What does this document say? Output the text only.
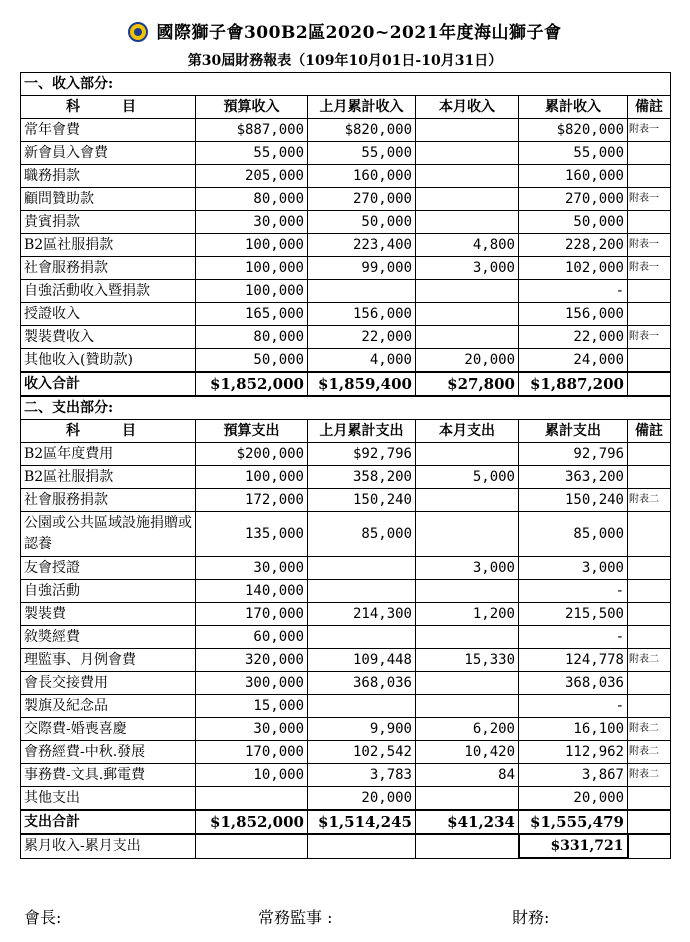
國際獅子會300B2區2020~2021年度海山獅子會
第30屆財務報表（109年10月01日-10月31日）
一、收入部分:					
科　目	預算收入	上月累計收入	本月收入	累計收入	備註
常年會費	$887,000	$820,000		$820,000	附表一
新會員入會費	55,000	55,000		55,000	
職務捐款	205,000	160,000		160,000	
顧問贊助款	80,000	270,000		270,000	附表一
貴賓捐款	30,000	50,000		50,000	
B2區社服捐款	100,000	223,400	4,800	228,200	附表一
社會服務捐款	100,000	99,000	3,000	102,000	附表一
自強活動收入暨捐款	100,000			-	
授證收入	165,000	156,000		156,000	
製裝費收入	80,000	22,000		22,000	附表一
其他收入(贊助款)	50,000	4,000	20,000	24,000	
收入合計	$1,852,000	$1,859,400	$27,800	$1,887,200	
二、支出部分:					
科　目	預算支出	上月累計支出	本月支出	累計支出	備註
B2區年度費用	$200,000	$92,796		92,796	
B2區社服捐款	100,000	358,200	5,000	363,200	
社會服務捐款	172,000	150,240		150,240	附表二
公園或公共區域設施捐贈或認養	135,000	85,000		85,000	
友會授證	30,000		3,000	3,000	
自強活動	140,000			-	
製裝費	170,000	214,300	1,200	215,500	
敘獎經費	60,000			-	
理監事、月例會費	320,000	109,448	15,330	124,778	附表二
會長交接費用	300,000	368,036		368,036	
製旗及紀念品	15,000			-	
交際費-婚喪喜慶	30,000	9,900	6,200	16,100	附表二
會務經費-中秋.發展	170,000	102,542	10,420	112,962	附表二
事務費-文具.郵電費	10,000	3,783	84	3,867	附表二
其他支出		20,000		20,000	
支出合計	$1,852,000	$1,514,245	$41,234	$1,555,479	
累月收入-累月支出				$331,721	
會長:	常務監事 :	財務:
